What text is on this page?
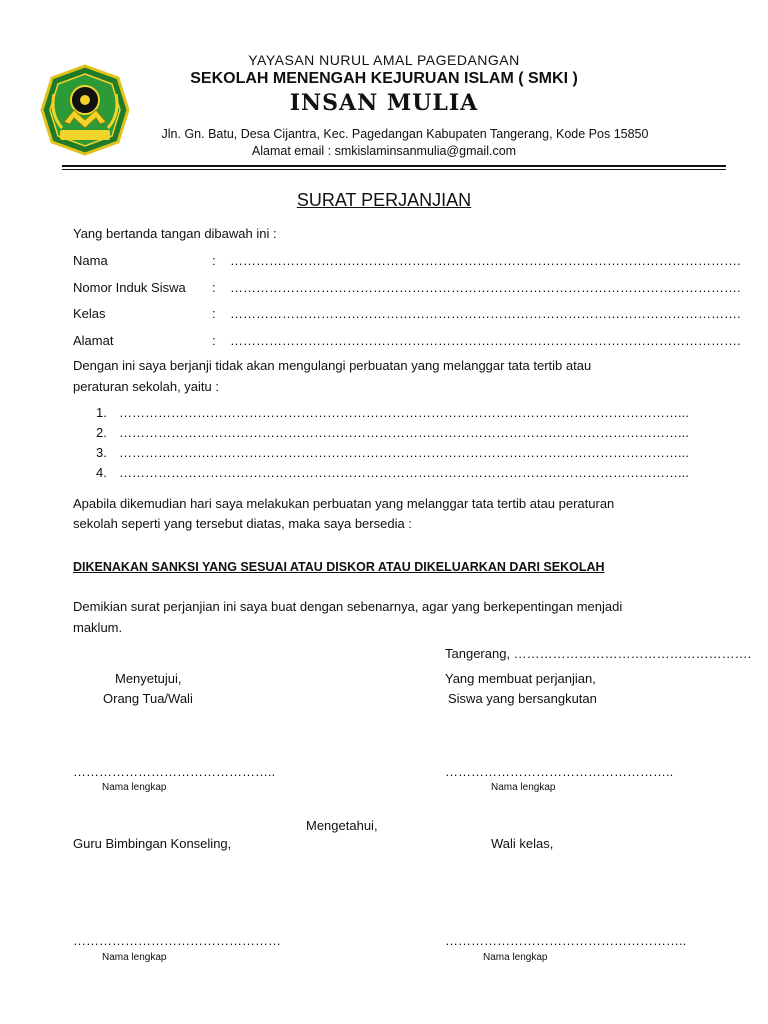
YAYASAN NURUL AMAL PAGEDANGAN
SEKOLAH MENENGAH KEJURUAN ISLAM ( SMKI )
INSAN MULIA
Jln. Gn. Batu, Desa Cijantra, Kec. Pagedangan Kabupaten Tangerang, Kode Pos 15850
Alamat email : smkislaminsanmulia@gmail.com
SURAT PERJANJIAN
Yang bertanda tangan dibawah ini :
Nama	: ……………………………………………………………………………………………………….
Nomor Induk Siswa : ……………………………………………………………………………………………………….
Kelas	: ……………………………………………………………………………………………………….
Alamat	: ……………………………………………………………………………………………………….
Dengan ini saya berjanji tidak akan mengulangi perbuatan yang melanggar tata tertib atau
peraturan sekolah, yaitu :
1. …………………………………………………………………………………………………………………...
2. …………………………………………………………………………………………………………………...
3. …………………………………………………………………………………………………………………...
4. …………………………………………………………………………………………………………………...
Apabila dikemudian hari saya melakukan perbuatan yang melanggar tata tertib atau peraturan
sekolah seperti yang tersebut diatas, maka saya bersedia :
DIKENAKAN SANKSI YANG SESUAI ATAU DISKOR ATAU DIKELUARKAN DARI SEKOLAH
Demikian surat perjanjian ini saya buat dengan sebenarnya, agar yang berkepentingan menjadi
maklum.
Tangerang, ……………………………………………….
Menyetujui,
Orang Tua/Wali
Yang membuat perjanjian,
Siswa yang bersangkutan
………………………………………..	……………………………………………..
Nama lengkap	Nama lengkap
Mengetahui,
Guru Bimbingan Konseling,	Wali kelas,
…………………………………………	………………………………………………..
Nama lengkap	Nama lengkap
